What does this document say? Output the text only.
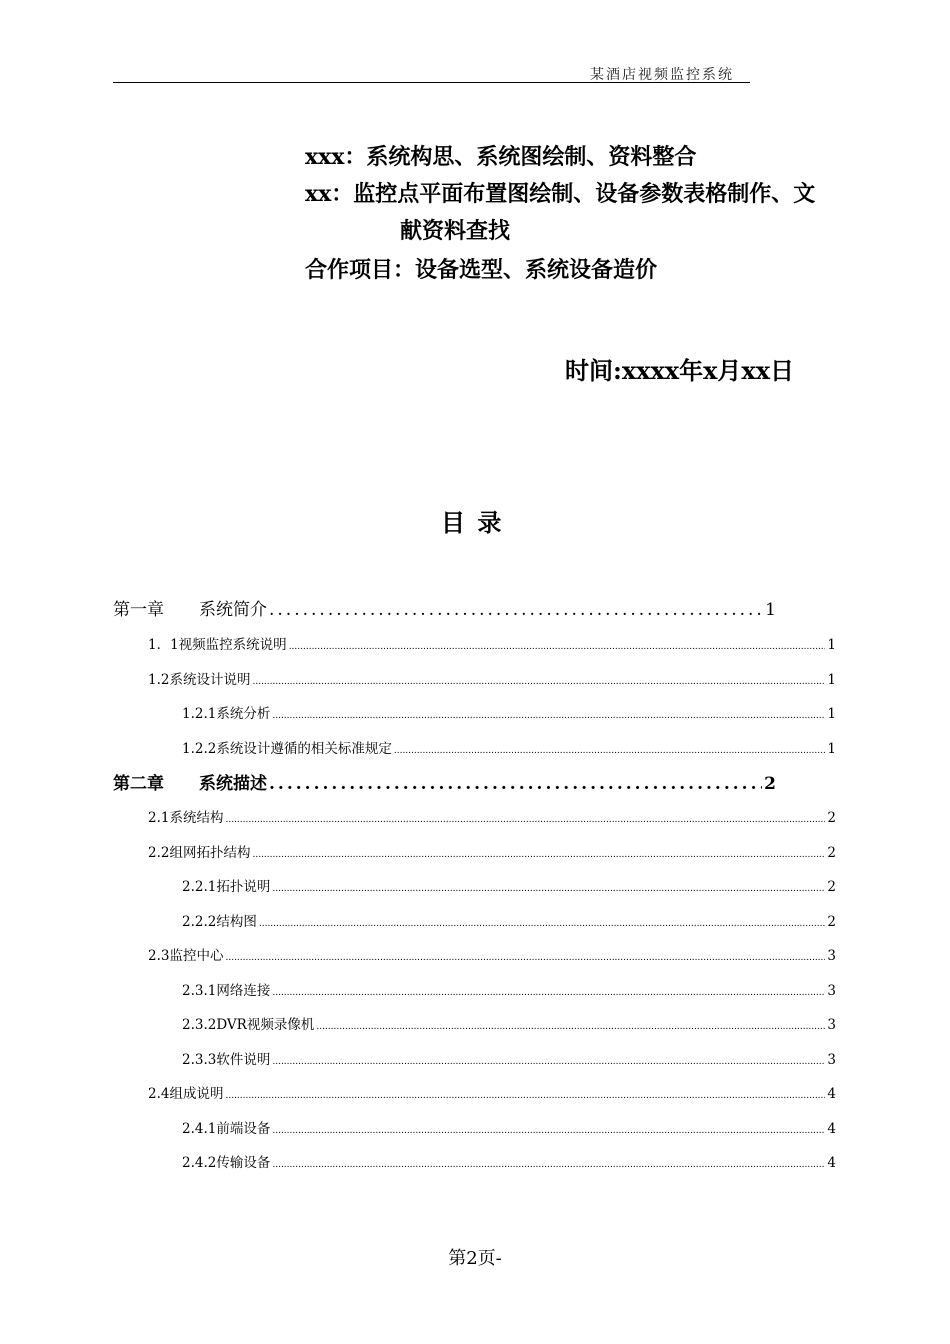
某酒店视频监控系统
xxx：系统构思、系统图绘制、资料整合
xx：监控点平面布置图绘制、设备参数表格制作、文
献资料查找
合作项目：设备选型、系统设备造价
时间:xxxx年x月xx日
目 录
第一章	系统简介 .....	1
1．1视频监控系统说明 .....	1
1.2系统设计说明 .....	1
1.2.1系统分析 .....	1
1.2.2系统设计遵循的相关标准规定 .....	1
第二章	系统描述 .....	2
2.1系统结构 .....	2
2.2组网拓扑结构 .....	2
2.2.1拓扑说明 .....	2
2.2.2结构图 .....	2
2.3监控中心 .....	3
2.3.1网络连接 .....	3
2.3.2DVR视频录像机 .....	3
2.3.3软件说明 .....	3
2.4组成说明 .....	4
2.4.1前端设备 .....	4
2.4.2传输设备 .....	4
第2页-
